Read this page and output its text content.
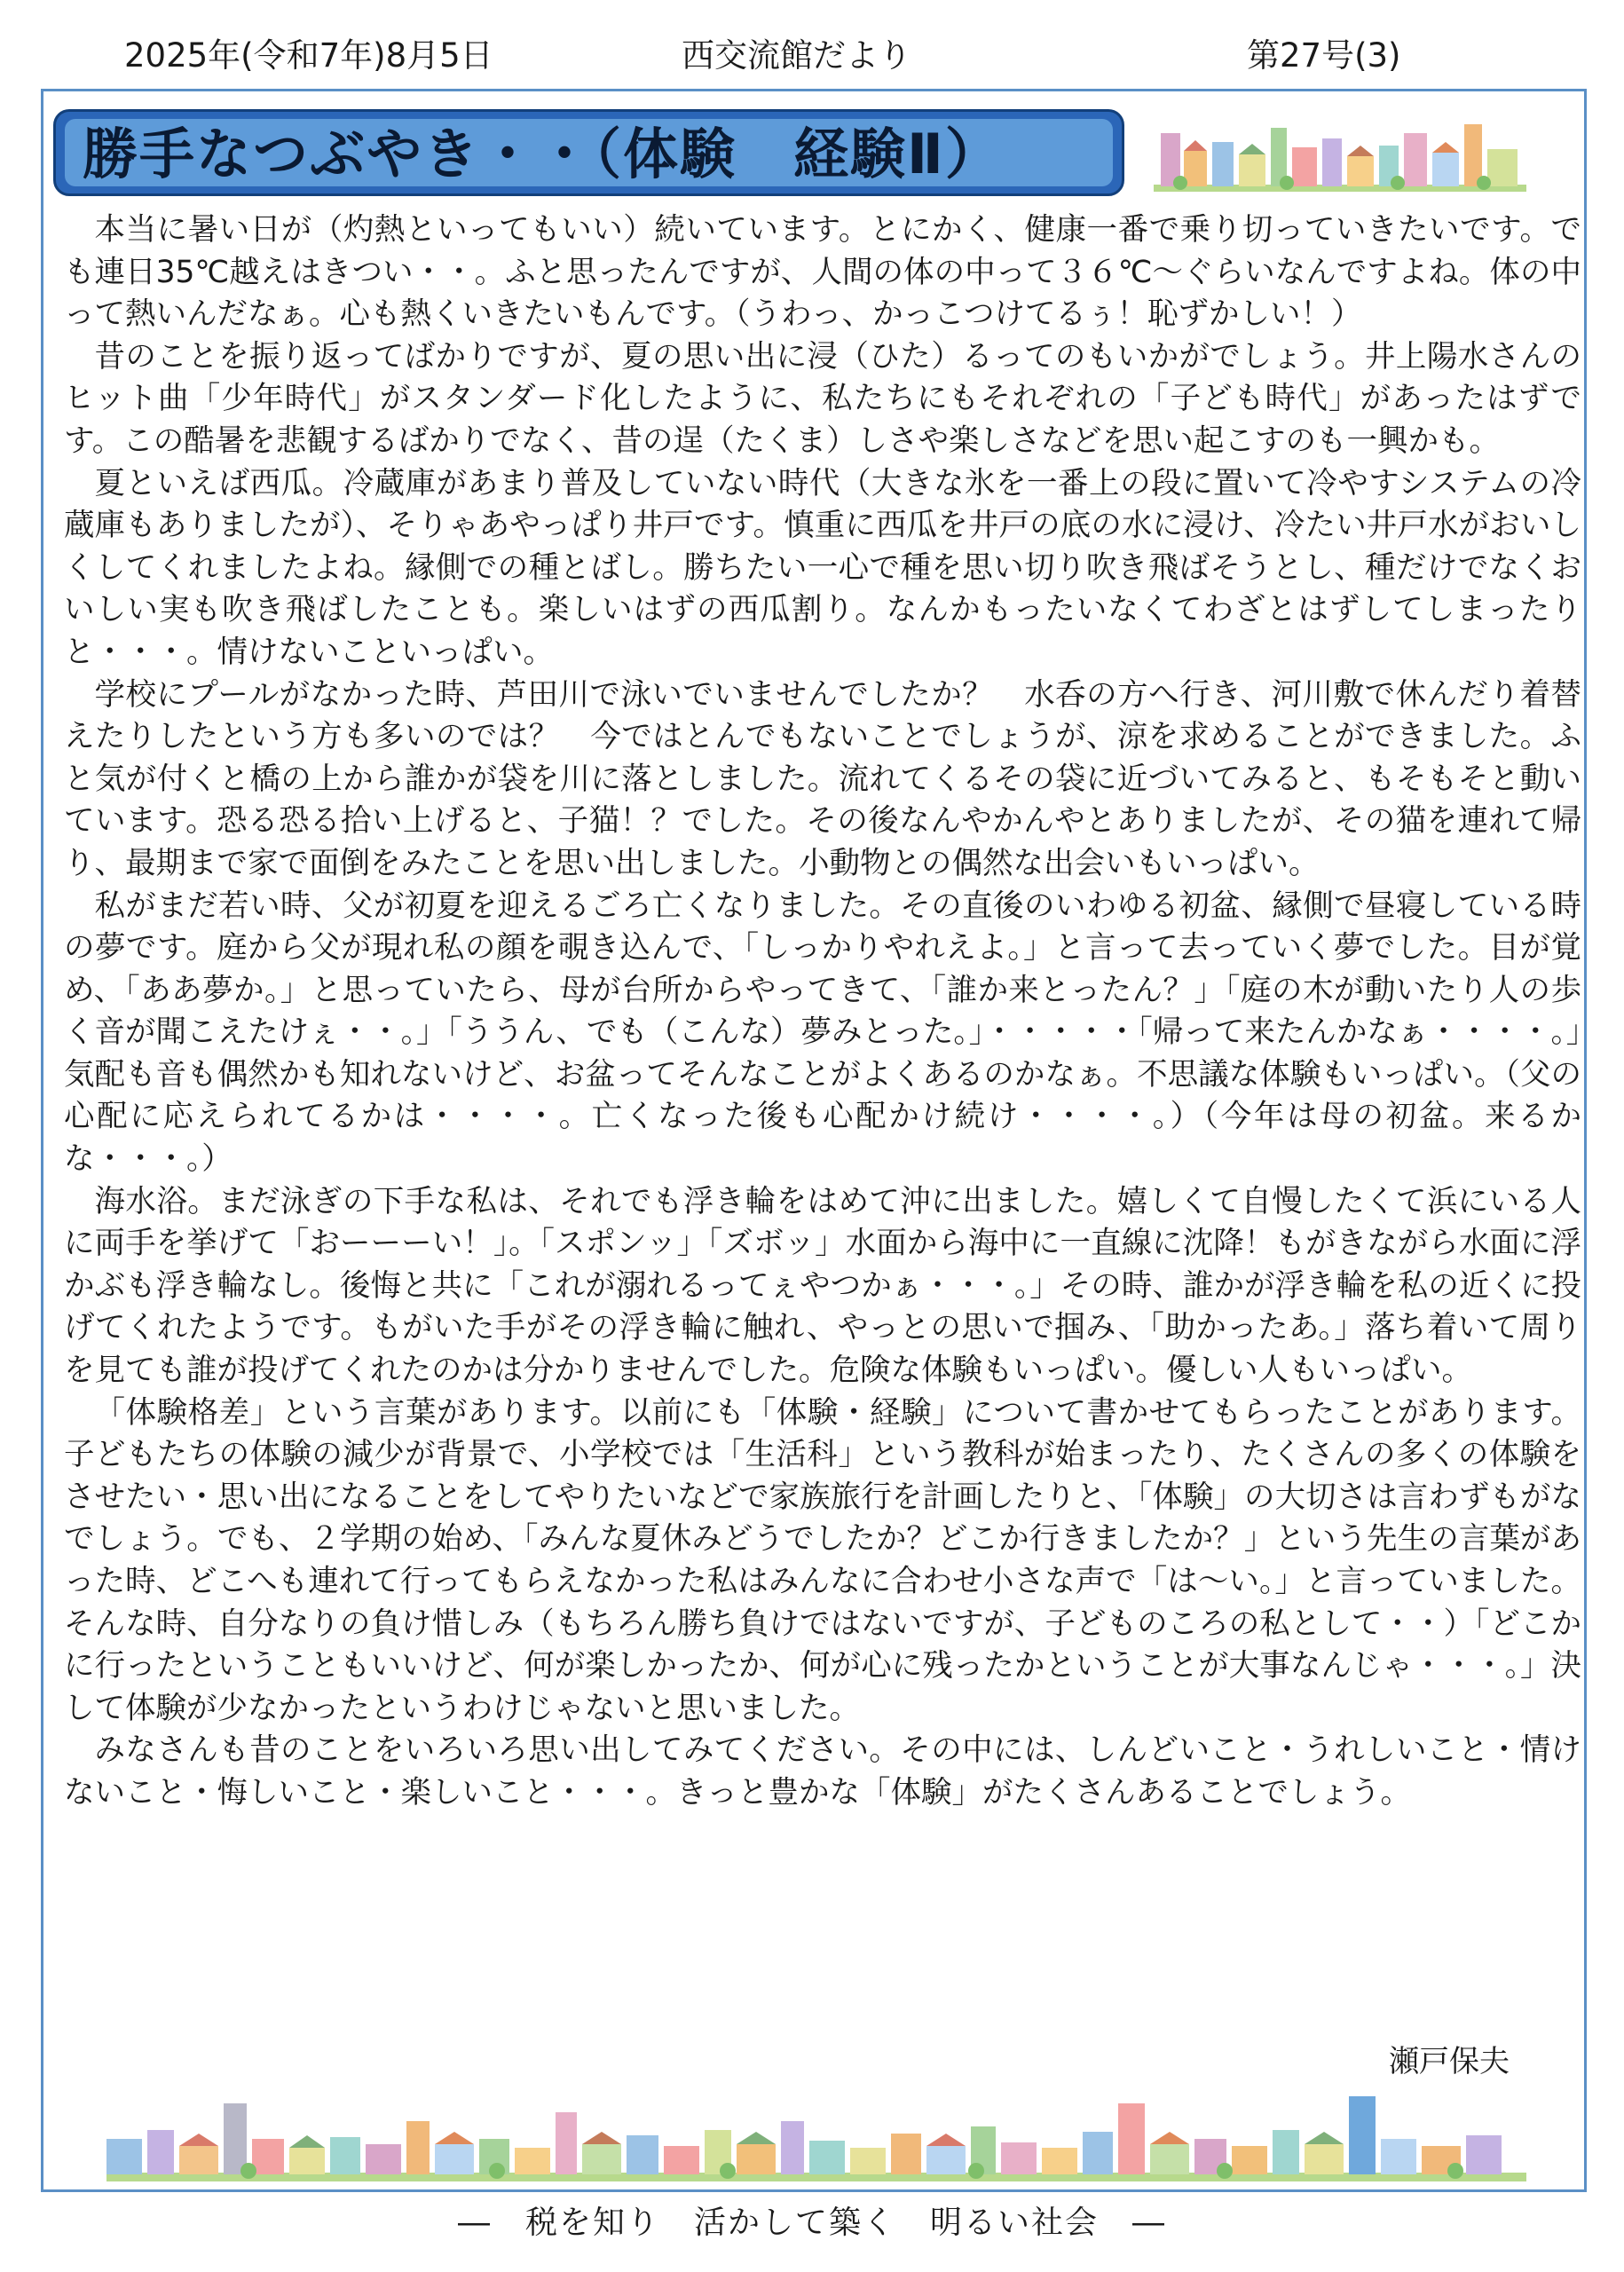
2025年(令和7年)8月5日	西交流館だより	第27号(3)
勝手なつぶやき・・（体験　経験Ⅱ）

本当に暑い日が（灼熱といってもいい）続いています。とにかく、健康一番で乗り切っていきたいです。でも連日35℃越えはきつい・・。ふと思ったんですが、人間の体の中って３６℃～ぐらいなんですよね。体の中って熱いんだなぁ。心も熱くいきたいもんです。（うわっ、かっこつけてるぅ！恥ずかしい！）

昔のことを振り返ってばかりですが、夏の思い出に浸（ひた）るってのもいかがでしょう。井上陽水さんのヒット曲「少年時代」がスタンダード化したように、私たちにもそれぞれの「子ども時代」があったはずです。この酷暑を悲観するばかりでなく、昔の逞（たくま）しさや楽しさなどを思い起こすのも一興かも。

夏といえば西瓜。冷蔵庫があまり普及していない時代（大きな氷を一番上の段に置いて冷やすシステムの冷蔵庫もありましたが）、そりゃあやっぱり井戸です。慎重に西瓜を井戸の底の水に浸け、冷たい井戸水がおいしくしてくれましたよね。縁側での種とばし。勝ちたい一心で種を思い切り吹き飛ばそうとし、種だけでなくおいしい実も吹き飛ばしたことも。楽しいはずの西瓜割り。なんかもったいなくてわざとはずしてしまったりと・・・。情けないこといっぱい。

学校にプールがなかった時、芦田川で泳いでいませんでしたか？　水呑の方へ行き、河川敷で休んだり着替えたりしたという方も多いのでは？　今ではとんでもないことでしょうが、涼を求めることができました。ふと気が付くと橋の上から誰かが袋を川に落としました。流れてくるその袋に近づいてみると、もそもそと動いています。恐る恐る拾い上げると、子猫！？でした。その後なんやかんやとありましたが、その猫を連れて帰り、最期まで家で面倒をみたことを思い出しました。小動物との偶然な出会いもいっぱい。

私がまだ若い時、父が初夏を迎えるごろ亡くなりました。その直後のいわゆる初盆、縁側で昼寝している時の夢です。庭から父が現れ私の顔を覗き込んで、「しっかりやれえよ。」と言って去っていく夢でした。目が覚め、「ああ夢か。」と思っていたら、母が台所からやってきて、「誰か来とったん？」「庭の木が動いたり人の歩く音が聞こえたけぇ・・。」「ううん、でも（こんな）夢みとった。」・・・・・「帰って来たんかなぁ・・・・。」気配も音も偶然かも知れないけど、お盆ってそんなことがよくあるのかなぁ。不思議な体験もいっぱい。（父の心配に応えられてるかは・・・・。亡くなった後も心配かけ続け・・・・。）（今年は母の初盆。来るかな・・・。）

海水浴。まだ泳ぎの下手な私は、それでも浮き輪をはめて沖に出ました。嬉しくて自慢したくて浜にいる人に両手を挙げて「おーーーい！」。「スポンッ」「ズボッ」水面から海中に一直線に沈降！もがきながら水面に浮かぶも浮き輪なし。後悔と共に「これが溺れるってぇやつかぁ・・・。」その時、誰かが浮き輪を私の近くに投げてくれたようです。もがいた手がその浮き輪に触れ、やっとの思いで掴み、「助かったあ。」落ち着いて周りを見ても誰が投げてくれたのかは分かりませんでした。危険な体験もいっぱい。優しい人もいっぱい。

「体験格差」という言葉があります。以前にも「体験・経験」について書かせてもらったことがあります。子どもたちの体験の減少が背景で、小学校では「生活科」という教科が始まったり、たくさんの多くの体験をさせたい・思い出になることをしてやりたいなどで家族旅行を計画したりと、「体験」の大切さは言わずもがなでしょう。でも、２学期の始め、「みんな夏休みどうでしたか？どこか行きましたか？」という先生の言葉があった時、どこへも連れて行ってもらえなかった私はみんなに合わせ小さな声で「は～い。」と言っていました。そんな時、自分なりの負け惜しみ（もちろん勝ち負けではないですが、子どものころの私として・・）「どこかに行ったということもいいけど、何が楽しかったか、何が心に残ったかということが大事なんじゃ・・・。」決して体験が少なかったというわけじゃないと思いました。

みなさんも昔のことをいろいろ思い出してみてください。その中には、しんどいこと・うれしいこと・情けないこと・悔しいこと・楽しいこと・・・。きっと豊かな「体験」がたくさんあることでしょう。

瀬戸保夫
―　税を知り　活かして築く　明るい社会　―
